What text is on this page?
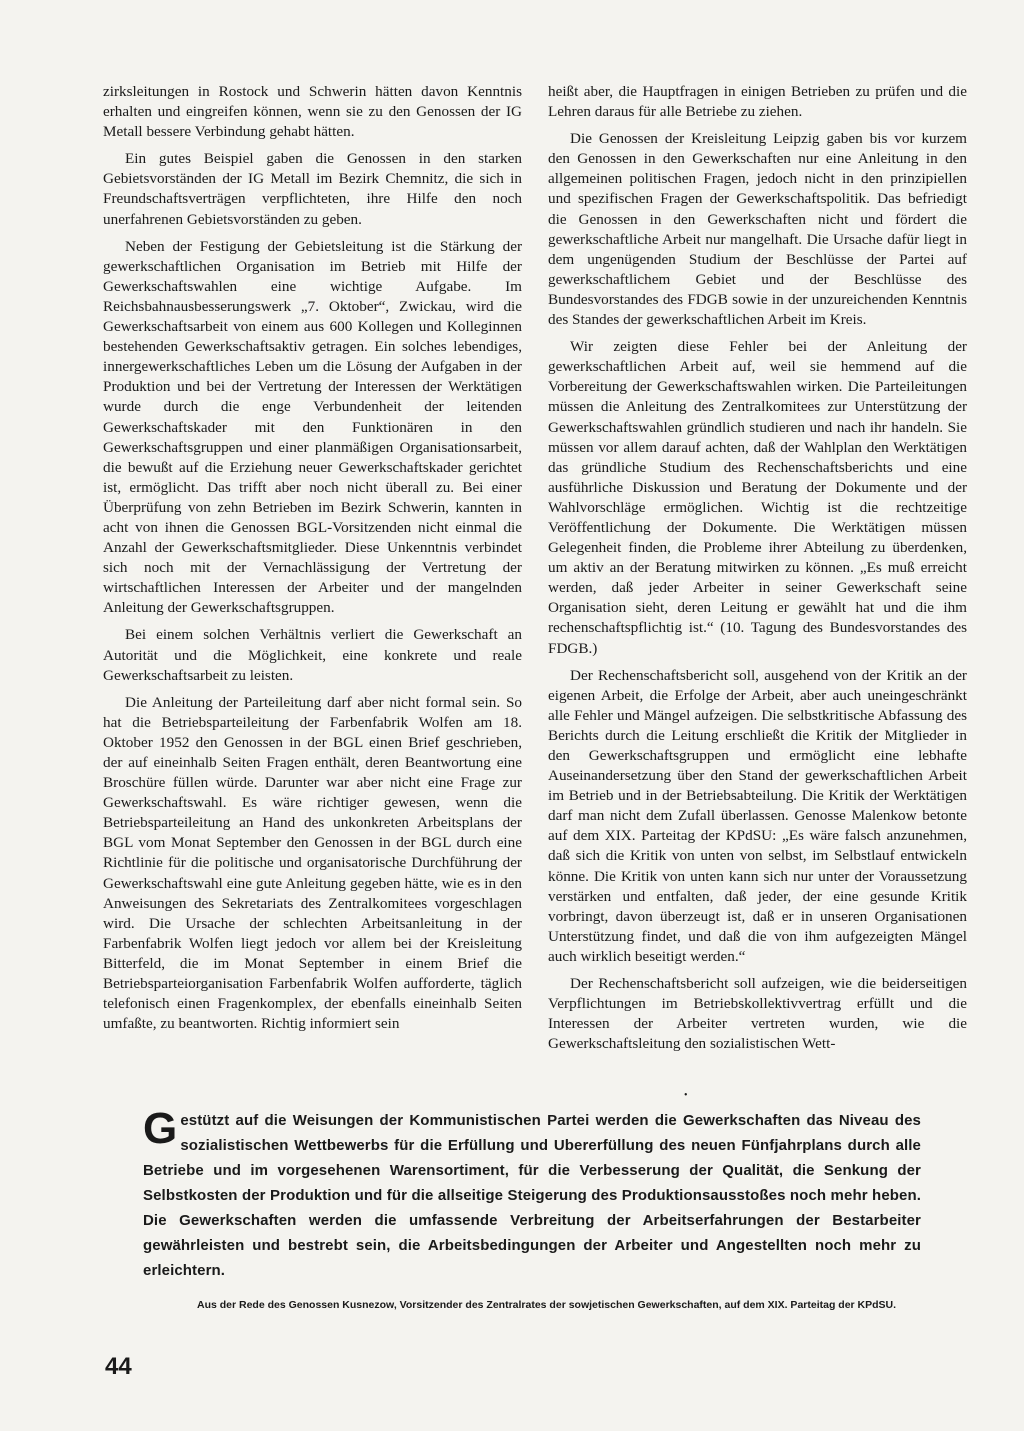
zirksleitungen in Rostock und Schwerin hätten davon Kenntnis erhalten und eingreifen können, wenn sie zu den Genossen der IG Metall bessere Verbindung gehabt hätten.

Ein gutes Beispiel gaben die Genossen in den starken Gebietsvorständen der IG Metall im Bezirk Chemnitz, die sich in Freundschaftsverträgen verpflichteten, ihre Hilfe den noch unerfahrenen Gebietsvorständen zu geben.

Neben der Festigung der Gebietsleitung ist die Stärkung der gewerkschaftlichen Organisation im Betrieb mit Hilfe der Gewerkschaftswahlen eine wichtige Aufgabe. Im Reichsbahnausbesserungswerk „7. Oktober“, Zwickau, wird die Gewerkschaftsarbeit von einem aus 600 Kollegen und Kolleginnen bestehenden Gewerkschaftsaktiv getragen. Ein solches lebendiges, innergewerkschaftliches Leben um die Lösung der Aufgaben in der Produktion und bei der Vertretung der Interessen der Werktätigen wurde durch die enge Verbundenheit der leitenden Gewerkschaftskader mit den Funktionären in den Gewerkschaftsgruppen und einer planmäßigen Organisationsarbeit, die bewußt auf die Erziehung neuer Gewerkschaftskader gerichtet ist, ermöglicht. Das trifft aber noch nicht überall zu. Bei einer Überprüfung von zehn Betrieben im Bezirk Schwerin, kannten in acht von ihnen die Genossen BGL-Vorsitzenden nicht einmal die Anzahl der Gewerkschaftsmitglieder. Diese Unkenntnis verbindet sich noch mit der Vernachlässigung der Vertretung der wirtschaftlichen Interessen der Arbeiter und der mangelnden Anleitung der Gewerkschaftsgruppen.

Bei einem solchen Verhältnis verliert die Gewerkschaft an Autorität und die Möglichkeit, eine konkrete und reale Gewerkschaftsarbeit zu leisten.

Die Anleitung der Parteileitung darf aber nicht formal sein. So hat die Betriebsparteileitung der Farbenfabrik Wolfen am 18. Oktober 1952 den Genossen in der BGL einen Brief geschrieben, der auf eineinhalb Seiten Fragen enthält, deren Beantwortung eine Broschüre füllen würde. Darunter war aber nicht eine Frage zur Gewerkschaftswahl. Es wäre richtiger gewesen, wenn die Betriebsparteileitung an Hand des unkonkreten Arbeitsplans der BGL vom Monat September den Genossen in der BGL durch eine Richtlinie für die politische und organisatorische Durchführung der Gewerkschaftswahl eine gute Anleitung gegeben hätte, wie es in den Anweisungen des Sekretariats des Zentralkomitees vorgeschlagen wird. Die Ursache der schlechten Arbeitsanleitung in der Farbenfabrik Wolfen liegt jedoch vor allem bei der Kreisleitung Bitterfeld, die im Monat September in einem Brief die Betriebsparteiorganisation Farbenfabrik Wolfen aufforderte, täglich telefonisch einen Fragenkomplex, der ebenfalls eineinhalb Seiten umfaßte, zu beantworten. Richtig informiert sein

heißt aber, die Hauptfragen in einigen Betrieben zu prüfen und die Lehren daraus für alle Betriebe zu ziehen.

Die Genossen der Kreisleitung Leipzig gaben bis vor kurzem den Genossen in den Gewerkschaften nur eine Anleitung in den allgemeinen politischen Fragen, jedoch nicht in den prinzipiellen und spezifischen Fragen der Gewerkschaftspolitik. Das befriedigt die Genossen in den Gewerkschaften nicht und fördert die gewerkschaftliche Arbeit nur mangelhaft. Die Ursache dafür liegt in dem ungenügenden Studium der Beschlüsse der Partei auf gewerkschaftlichem Gebiet und der Beschlüsse des Bundesvorstandes des FDGB sowie in der unzureichenden Kenntnis des Standes der gewerkschaftlichen Arbeit im Kreis.

Wir zeigten diese Fehler bei der Anleitung der gewerkschaftlichen Arbeit auf, weil sie hemmend auf die Vorbereitung der Gewerkschaftswahlen wirken. Die Parteileitungen müssen die Anleitung des Zentralkomitees zur Unterstützung der Gewerkschaftswahlen gründlich studieren und nach ihr handeln. Sie müssen vor allem darauf achten, daß der Wahlplan den Werktätigen das gründliche Studium des Rechenschaftsberichts und eine ausführliche Diskussion und Beratung der Dokumente und der Wahlvorschläge ermöglichen. Wichtig ist die rechtzeitige Veröffentlichung der Dokumente. Die Werktätigen müssen Gelegenheit finden, die Probleme ihrer Abteilung zu überdenken, um aktiv an der Beratung mitwirken zu können. „Es muß erreicht werden, daß jeder Arbeiter in seiner Gewerkschaft seine Organisation sieht, deren Leitung er gewählt hat und die ihm rechenschaftspflichtig ist.“ (10. Tagung des Bundesvorstandes des FDGB.)

Der Rechenschaftsbericht soll, ausgehend von der Kritik an der eigenen Arbeit, die Erfolge der Arbeit, aber auch uneingeschränkt alle Fehler und Mängel aufzeigen. Die selbstkritische Abfassung des Berichts durch die Leitung erschließt die Kritik der Mitglieder in den Gewerkschaftsgruppen und ermöglicht eine lebhafte Auseinandersetzung über den Stand der gewerkschaftlichen Arbeit im Betrieb und in der Betriebsabteilung. Die Kritik der Werktätigen darf man nicht dem Zufall überlassen. Genosse Malenkow betonte auf dem XIX. Parteitag der KPdSU: „Es wäre falsch anzunehmen, daß sich die Kritik von unten von selbst, im Selbstlauf entwickeln könne. Die Kritik von unten kann sich nur unter der Voraussetzung verstärken und entfalten, daß jeder, der eine gesunde Kritik vorbringt, davon überzeugt ist, daß er in unseren Organisationen Unterstützung findet, und daß die von ihm aufgezeigten Mängel auch wirklich beseitigt werden.“

Der Rechenschaftsbericht soll aufzeigen, wie die beiderseitigen Verpflichtungen im Betriebskollektivvertrag erfüllt und die Interessen der Arbeiter vertreten wurden, wie die Gewerkschaftsleitung den sozialistischen Wett-

•

Gestützt auf die Weisungen der Kommunistischen Partei werden die Gewerkschaften das Niveau des sozialistischen Wettbewerbs für die Erfüllung und Ubererfüllung des neuen Fünfjahrplans durch alle Betriebe und im vorgesehenen Warensortiment, für die Verbesserung der Qualität, die Senkung der Selbstkosten der Produktion und für die allseitige Steigerung des Produktionsausstoßes noch mehr heben. Die Gewerkschaften werden die umfassende Verbreitung der Arbeitserfahrungen der Bestarbeiter gewährleisten und bestrebt sein, die Arbeitsbedingungen der Arbeiter und Angestellten noch mehr zu erleichtern.

Aus der Rede des Genossen Kusnezow, Vorsitzender des Zentralrates der sowjetischen Gewerkschaften, auf dem XIX. Parteitag der KPdSU.
44
